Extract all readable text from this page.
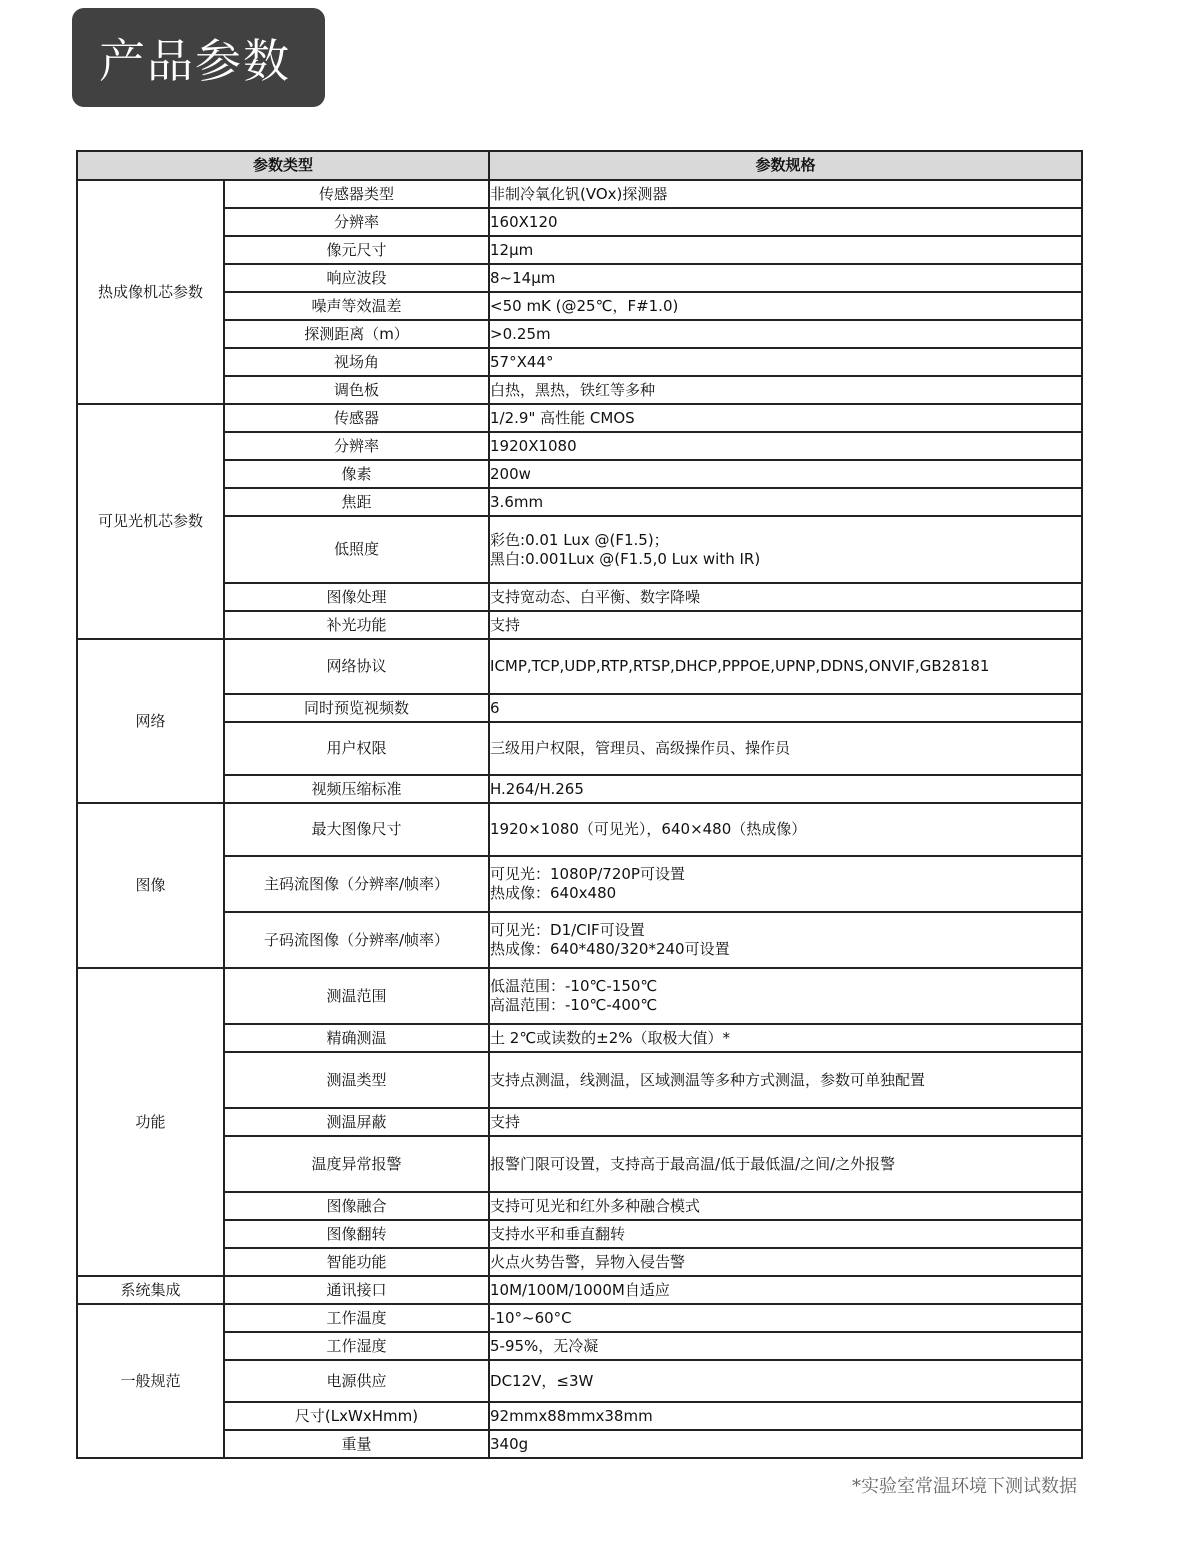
产品参数
参数类型		参数规格
热成像机芯参数	传感器类型	非制冷氧化钒(VOx)探测器

	分辨率	160X120

	像元尺寸	12μm

	响应波段	8~14μm

	噪声等效温差	<50 mK (@25℃，F#1.0)

	探测距离（m）	>0.25m

	视场角	57°X44°

	调色板	白热，黑热，铁红等多种

可见光机芯参数	传感器	1/2.9" 高性能 CMOS

	分辨率	1920X1080

	像素	200w

	焦距	3.6mm

	低照度	彩色:0.01 Lux @(F1.5)；
黑白:0.001Lux @(F1.5,0 Lux with IR)

	图像处理	支持宽动态、白平衡、数字降噪

	补光功能	支持

网络	网络协议	ICMP,TCP,UDP,RTP,RTSP,DHCP,PPPOE,UPNP,DDNS,ONVIF,GB28181

	同时预览视频数	6

	用户权限	三级用户权限，管理员、高级操作员、操作员

	视频压缩标准	H.264/H.265

图像	最大图像尺寸	1920×1080（可见光），640×480（热成像）

	主码流图像（分辨率/帧率）	可见光：1080P/720P可设置
热成像：640x480

	子码流图像（分辨率/帧率）	可见光：D1/CIF可设置
热成像：640*480/320*240可设置

功能	测温范围	低温范围：-10℃-150℃
高温范围：-10℃-400℃

	精确测温	土 2℃或读数的±2%（取极大值）*

	测温类型	支持点测温，线测温，区域测温等多种方式测温，参数可单独配置

	测温屏蔽	支持

	温度异常报警	报警门限可设置，支持高于最高温/低于最低温/之间/之外报警

	图像融合	支持可见光和红外多种融合模式

	图像翻转	支持水平和垂直翻转

	智能功能	火点火势告警，异物入侵告警

系统集成	通讯接口	10M/100M/1000M自适应

一般规范	工作温度	-10°~60°C

	工作湿度	5-95%，无冷凝

	电源供应	DC12V，≤3W

	尺寸(LxWxHmm)	92mmx88mmx38mm

	重量	340g
*实验室常温环境下测试数据
